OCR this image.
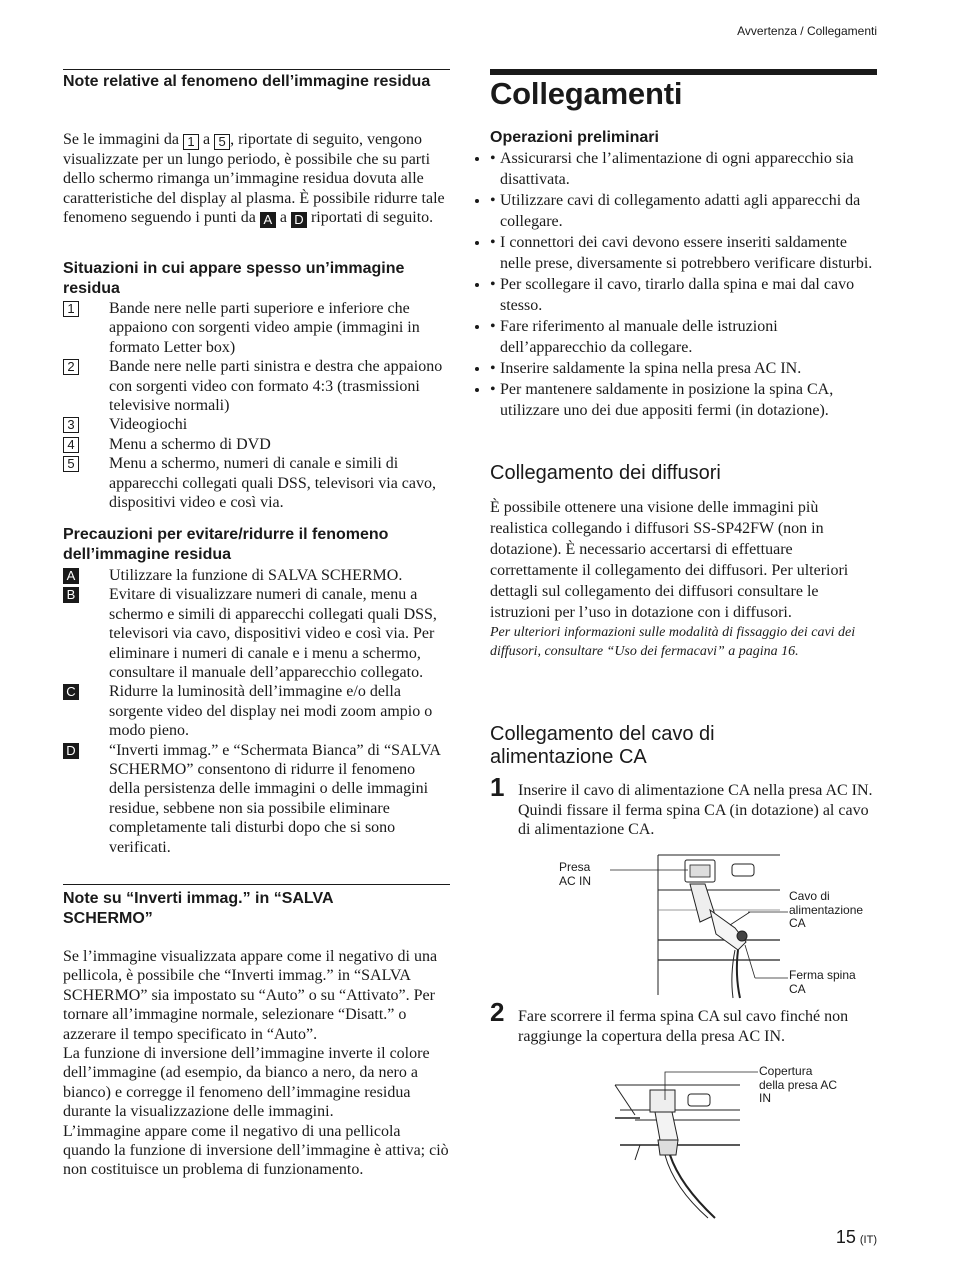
Avvertenza / Collegamenti
Note relative al fenomeno dell’immagine residua

Se le immagini da 1 a 5 , riportate di seguito, vengono visualizzate per un lungo periodo, è possibile che su parti dello schermo rimanga un’immagine residua dovuta alle caratteristiche del display al plasma. È possibile ridurre tale fenomeno seguendo i punti da A a D riportati di seguito.

Situazioni in cui appare spesso un’immagine residua
1 Bande nere nelle parti superiore e inferiore che appaiono con sorgenti video ampie (immagini in formato Letter box)
2 Bande nere nelle parti sinistra e destra che appaiono con sorgenti video con formato 4:3 (trasmissioni televisive normali)
3 Videogiochi
4 Menu a schermo di DVD
5 Menu a schermo, numeri di canale e simili di apparecchi collegati quali DSS, televisori via cavo, dispositivi video e così via.
Precauzioni per evitare/ridurre il fenomeno dell’immagine residua
A Utilizzare la funzione di SALVA SCHERMO.
B Evitare di visualizzare numeri di canale, menu a schermo e simili di apparecchi collegati quali DSS, televisori via cavo, dispositivi video e così via. Per eliminare i numeri di canale e i menu a schermo, consultare il manuale dell’apparecchio collegato.
C Ridurre la luminosità dell’immagine e/o della sorgente video del display nei modi zoom ampio o modo pieno.
D “Inverti immag.” e “Schermata Bianca” di “SALVA SCHERMO” consentono di ridurre il fenomeno della persistenza delle immagini o delle immagini residue, sebbene non sia possibile eliminare completamente tali disturbi dopo che si sono verificati.
Note su “Inverti immag.” in “SALVA SCHERMO”

Se l’immagine visualizzata appare come il negativo di una pellicola, è possibile che “Inverti immag.” in “SALVA SCHERMO” sia impostato su “Auto” o su “Attivato”. Per tornare all’immagine normale, selezionare “Disatt.” o azzerare il tempo specificato in “Auto”.

La funzione di inversione dell’immagine inverte il colore dell’immagine (ad esempio, da bianco a nero, da nero a bianco) e corregge il fenomeno dell’immagine residua durante la visualizzazione delle immagini.

L’immagine appare come il negativo di una pellicola quando la funzione di inversione dell’immagine è attiva; ciò non costituisce un problema di funzionamento.

Collegamenti
Operazioni preliminari
• • Assicurarsi che l’alimentazione di ogni apparecchio sia disattivata.
• • Utilizzare cavi di collegamento adatti agli apparecchi da collegare.
• • I connettori dei cavi devono essere inseriti saldamente nelle prese, diversamente si potrebbero verificare disturbi.
• • Per scollegare il cavo, tirarlo dalla spina e mai dal cavo stesso.
• • Fare riferimento al manuale delle istruzioni dell’apparecchio da collegare.
• • Inserire saldamente la spina nella presa AC IN.
• • Per mantenere saldamente in posizione la spina CA, utilizzare uno dei due appositi fermi (in dotazione).
Collegamento dei diffusori

È possibile ottenere una visione delle immagini più realistica collegando i diffusori SS-SP42FW (non in dotazione). È necessario accertarsi di effettuare correttamente il collegamento dei diffusori. Per ulteriori dettagli sul collegamento dei diffusori consultare le istruzioni per l’uso in dotazione con i diffusori.

Per ulteriori informazioni sulle modalità di fissaggio dei cavi dei diffusori, consultare “Uso dei fermacavi” a pagina 16.

Collegamento del cavo di alimentazione CA
1 Inserire il cavo di alimentazione CA nella presa AC IN. Quindi fissare il ferma spina CA (in dotazione) al cavo di alimentazione CA.

Presa AC IN
Cavo di alimentazione CA
Ferma spina CA
2 Fare scorrere il ferma spina CA sul cavo finché non raggiunge la copertura della presa AC IN.

Copertura della presa AC IN
15 (IT)
